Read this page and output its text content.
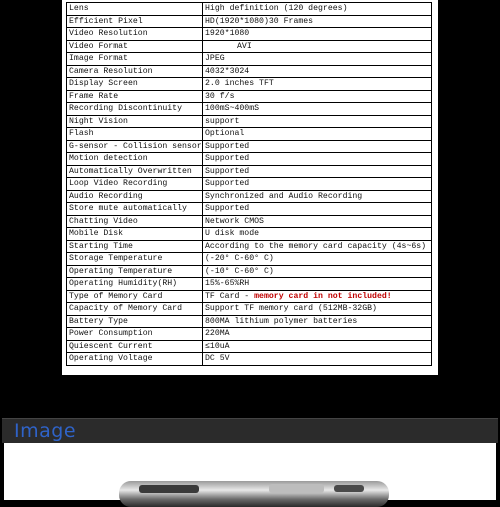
Lens	High definition (120 degrees)
Efficient Pixel	HD(1920*1080)30 Frames
Video Resolution	1920*1080
Video Format	AVI
Image Format	JPEG
Camera Resolution	4032*3024
Display Screen	2.0 inches TFT
Frame Rate	30 f/s
Recording Discontinuity	100mS~400mS
Night Vision	support
Flash	Optional
G-sensor - Collision sensor	Supported
Motion detection	Supported
Automatically Overwritten	Supported
Loop Video Recording	Supported
Audio Recording	Synchronized and Audio Recording
Store mute automatically	Supported
Chatting Video	Network CMOS
Mobile Disk	U disk mode
Starting Time	According to the memory card capacity (4s~6s)
Storage Temperature	(-20° C-60° C)
Operating Temperature	(-10° C-60° C)
Operating Humidity(RH)	15%-65%RH
Type of Memory Card	TF Card - memory card in not included!
Capacity of Memory Card	Support TF memory card (512MB-32GB)
Battery Type	800MA lithium polymer batteries
Power Consumption	220MA
Quiescent Current	≤10uA
Operating Voltage	DC 5V
Image
